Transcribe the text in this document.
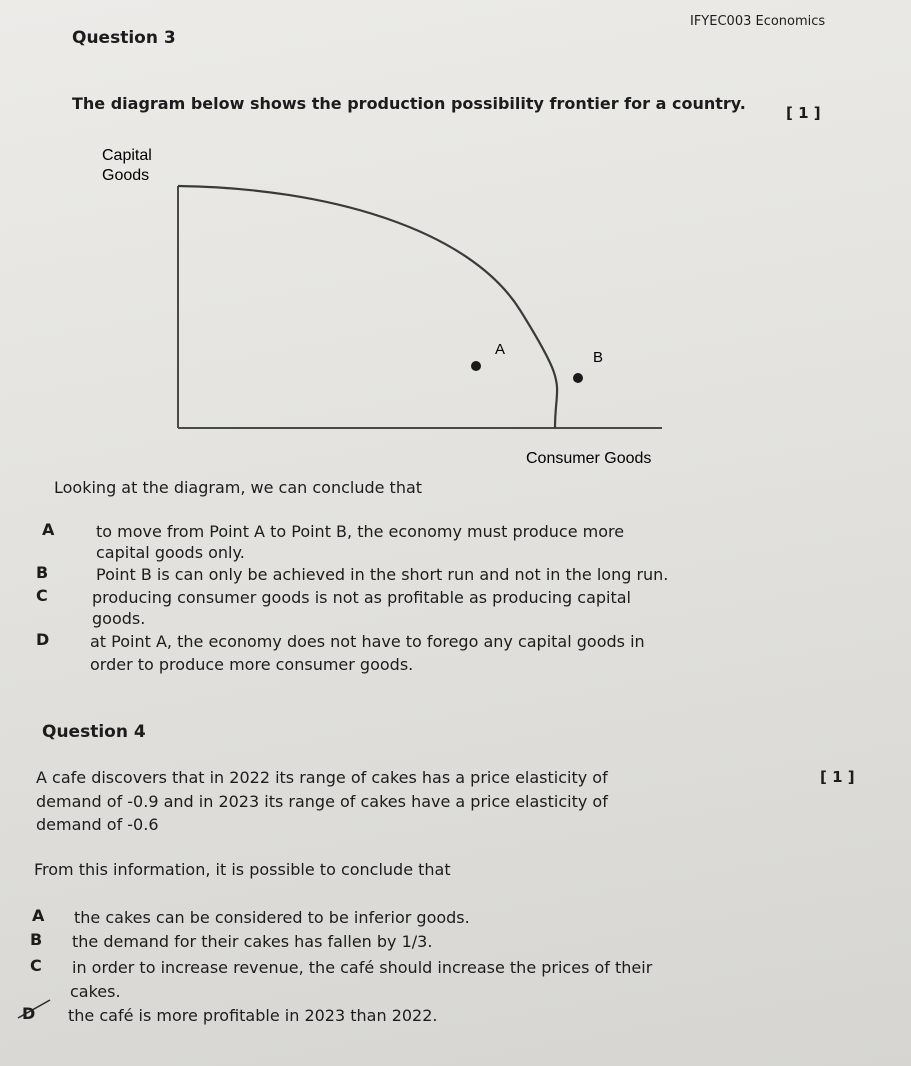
IFYEC003 Economics
Question 3
The diagram below shows the production possibility frontier for a country.	[ 1 ]
Capital
Goods
A	B
Consumer Goods
Looking at the diagram, we can conclude that
A	to move from Point A to Point B, the economy must produce more
capital goods only.
B	Point B is can only be achieved in the short run and not in the long run.
C	producing consumer goods is not as profitable as producing capital
goods.
D	at Point A, the economy does not have to forego any capital goods in
order to produce more consumer goods.
Question 4
A cafe discovers that in 2022 its range of cakes has a price elasticity of
demand of -0.9 and in 2023 its range of cakes have a price elasticity of
demand of -0.6
[ 1 ]
From this information, it is possible to conclude that
A the cakes can be considered to be inferior goods.
B the demand for their cakes has fallen by 1/3.
C in order to increase revenue, the café should increase the prices of their
cakes.
D the café is more profitable in 2023 than 2022.
